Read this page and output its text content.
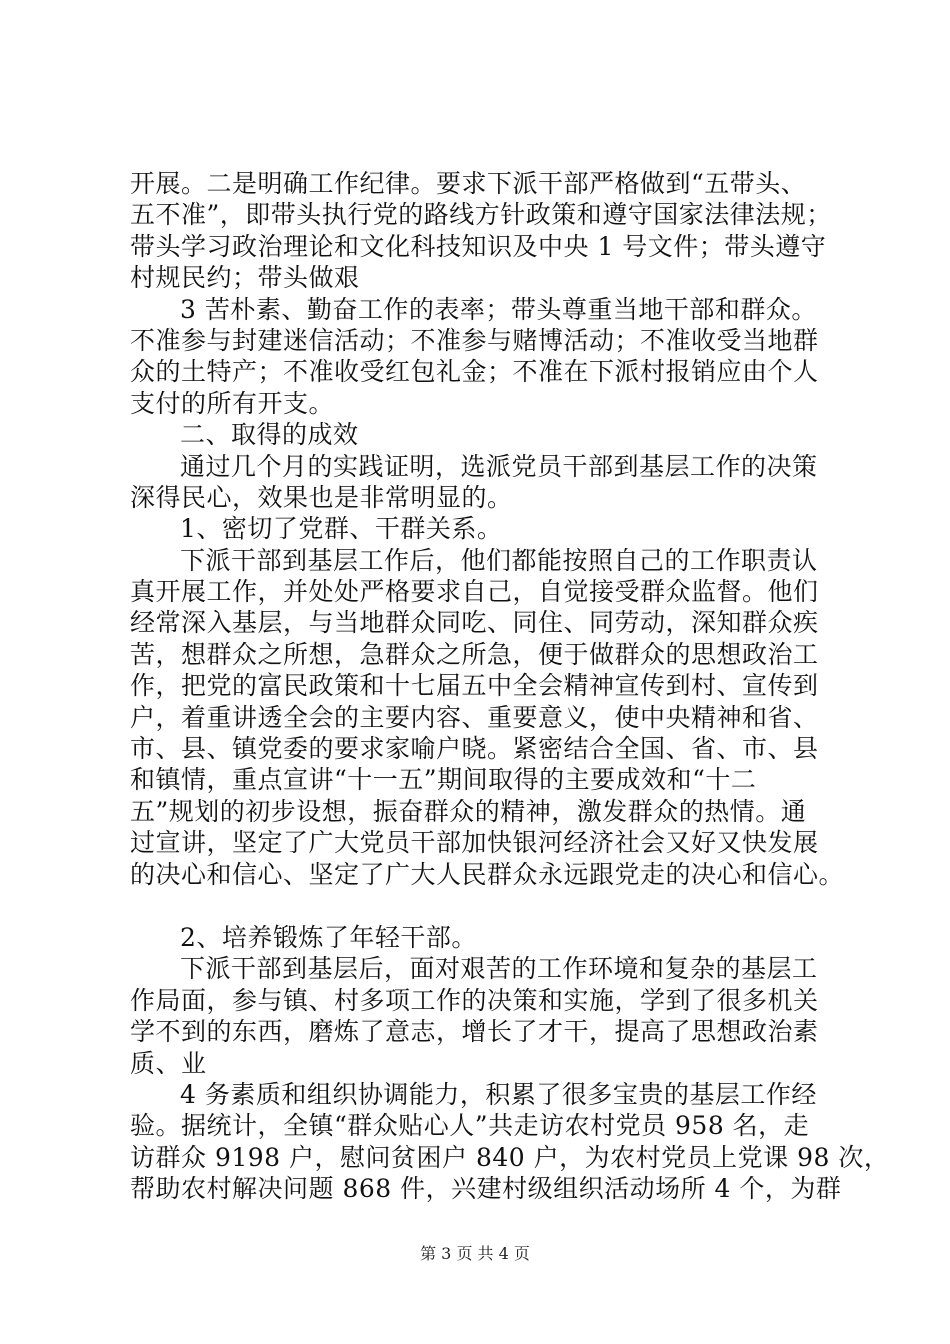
开展。二是明确工作纪律。要求下派干部严格做到“五带头、
五不准”，即带头执行党的路线方针政策和遵守国家法律法规；
带头学习政治理论和文化科技知识及中央 1 号文件；带头遵守
村规民约；带头做艰
3 苦朴素、勤奋工作的表率；带头尊重当地干部和群众。
不准参与封建迷信活动；不准参与赌博活动；不准收受当地群
众的土特产；不准收受红包礼金；不准在下派村报销应由个人
支付的所有开支。
二、取得的成效
通过几个月的实践证明，选派党员干部到基层工作的决策
深得民心，效果也是非常明显的。
1、密切了党群、干群关系。
下派干部到基层工作后，他们都能按照自己的工作职责认
真开展工作，并处处严格要求自己，自觉接受群众监督。他们
经常深入基层，与当地群众同吃、同住、同劳动，深知群众疾
苦，想群众之所想，急群众之所急，便于做群众的思想政治工
作，把党的富民政策和十七届五中全会精神宣传到村、宣传到
户，着重讲透全会的主要内容、重要意义，使中央精神和省、
市、县、镇党委的要求家喻户晓。紧密结合全国、省、市、县
和镇情，重点宣讲“十一五”期间取得的主要成效和“十二
五”规划的初步设想，振奋群众的精神，激发群众的热情。通
过宣讲，坚定了广大党员干部加快银河经济社会又好又快发展
的决心和信心、坚定了广大人民群众永远跟党走的决心和信心。
2、培养锻炼了年轻干部。
下派干部到基层后，面对艰苦的工作环境和复杂的基层工
作局面，参与镇、村多项工作的决策和实施，学到了很多机关
学不到的东西，磨炼了意志，增长了才干，提高了思想政治素
质、业
4 务素质和组织协调能力，积累了很多宝贵的基层工作经
验。据统计，全镇“群众贴心人”共走访农村党员 958 名，走
访群众 9198 户，慰问贫困户 840 户，为农村党员上党课 98 次，
帮助农村解决问题 868 件，兴建村级组织活动场所 4 个，为群
第 3 页 共 4 页
